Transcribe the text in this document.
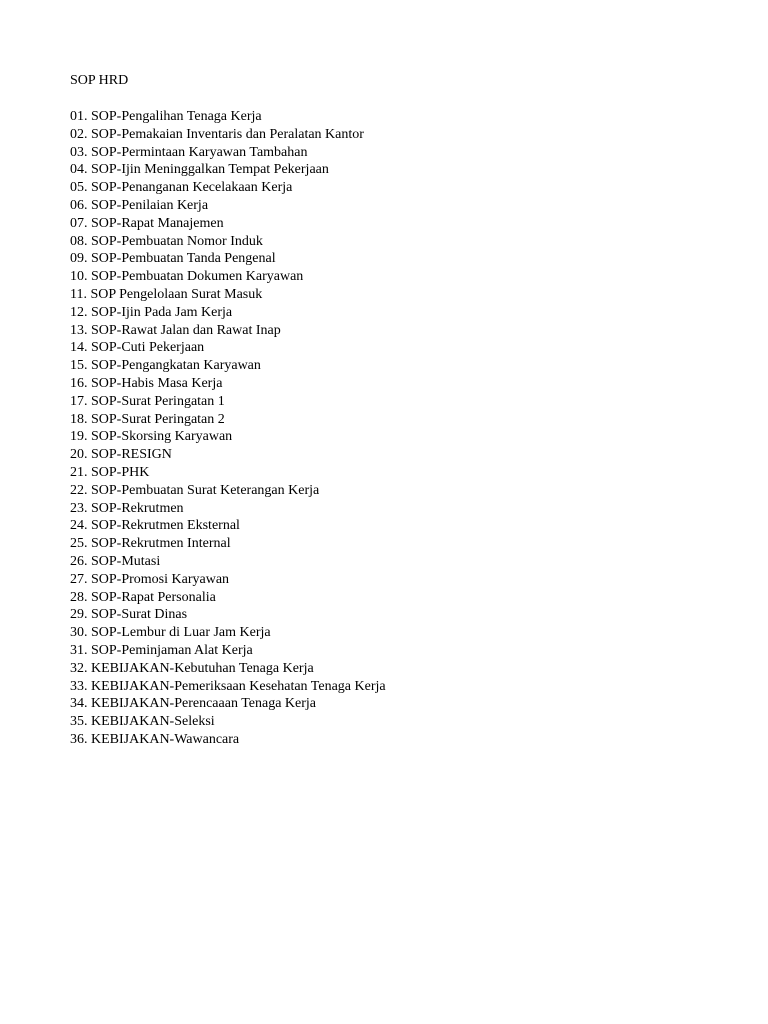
SOP HRD
01. SOP-Pengalihan Tenaga Kerja
02. SOP-Pemakaian Inventaris dan Peralatan Kantor
03. SOP-Permintaan Karyawan Tambahan
04. SOP-Ijin Meninggalkan Tempat Pekerjaan
05. SOP-Penanganan Kecelakaan Kerja
06. SOP-Penilaian Kerja
07. SOP-Rapat Manajemen
08. SOP-Pembuatan Nomor Induk
09. SOP-Pembuatan Tanda Pengenal
10. SOP-Pembuatan Dokumen Karyawan
11. SOP Pengelolaan Surat Masuk
12. SOP-Ijin Pada Jam Kerja
13. SOP-Rawat Jalan dan Rawat Inap
14. SOP-Cuti Pekerjaan
15. SOP-Pengangkatan Karyawan
16. SOP-Habis Masa Kerja
17. SOP-Surat Peringatan 1
18. SOP-Surat Peringatan 2
19. SOP-Skorsing Karyawan
20. SOP-RESIGN
21. SOP-PHK
22. SOP-Pembuatan Surat Keterangan Kerja
23. SOP-Rekrutmen
24. SOP-Rekrutmen Eksternal
25. SOP-Rekrutmen Internal
26. SOP-Mutasi
27. SOP-Promosi Karyawan
28. SOP-Rapat Personalia
29. SOP-Surat Dinas
30. SOP-Lembur di Luar Jam Kerja
31. SOP-Peminjaman Alat Kerja
32. KEBIJAKAN-Kebutuhan Tenaga Kerja
33. KEBIJAKAN-Pemeriksaan Kesehatan Tenaga Kerja
34. KEBIJAKAN-Perencaaan Tenaga Kerja
35. KEBIJAKAN-Seleksi
36. KEBIJAKAN-Wawancara
